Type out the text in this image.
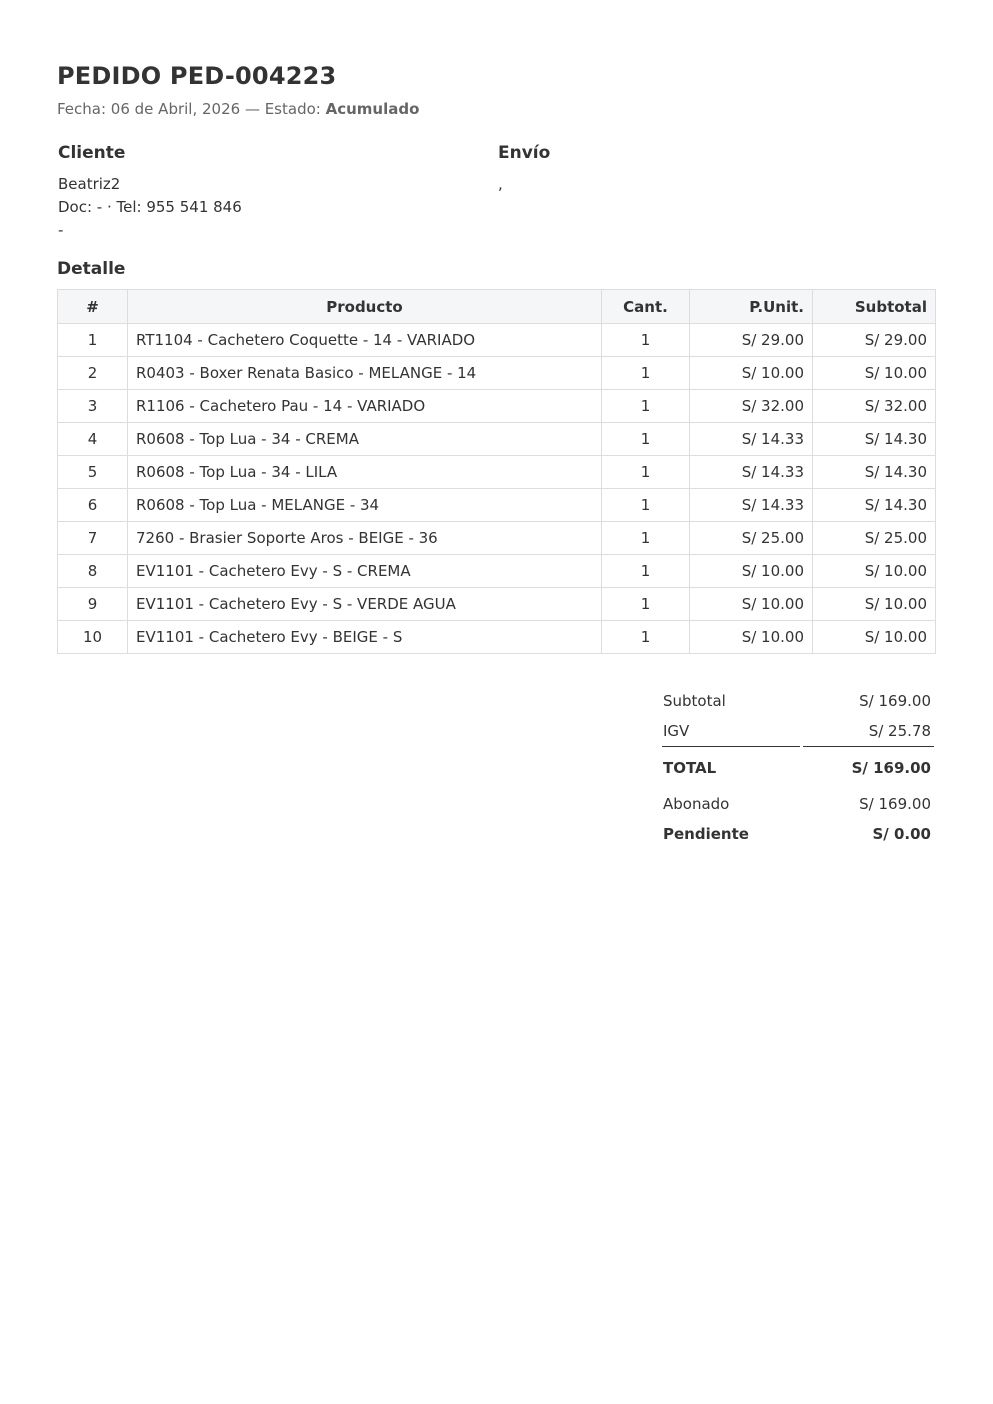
PEDIDO PED-004223
Fecha: 06 de Abril, 2026 — Estado: Acumulado
Cliente
Beatriz2
Doc: - · Tel: 955 541 846
-
Envío
,
Detalle
#	Producto	Cant.	P.Unit.	Subtotal
1	RT1104 - Cachetero Coquette - 14 - VARIADO	1	S/ 29.00	S/ 29.00
2	R0403 - Boxer Renata Basico - MELANGE - 14	1	S/ 10.00	S/ 10.00
3	R1106 - Cachetero Pau - 14 - VARIADO	1	S/ 32.00	S/ 32.00
4	R0608 - Top Lua - 34 - CREMA	1	S/ 14.33	S/ 14.30
5	R0608 - Top Lua - 34 - LILA	1	S/ 14.33	S/ 14.30
6	R0608 - Top Lua - MELANGE - 34	1	S/ 14.33	S/ 14.30
7	7260 - Brasier Soporte Aros - BEIGE - 36	1	S/ 25.00	S/ 25.00
8	EV1101 - Cachetero Evy - S - CREMA	1	S/ 10.00	S/ 10.00
9	EV1101 - Cachetero Evy - S - VERDE AGUA	1	S/ 10.00	S/ 10.00
10	EV1101 - Cachetero Evy - BEIGE - S	1	S/ 10.00	S/ 10.00
Subtotal	S/ 169.00
IGV	S/ 25.78
TOTAL	S/ 169.00
Abonado	S/ 169.00
Pendiente	S/ 0.00
